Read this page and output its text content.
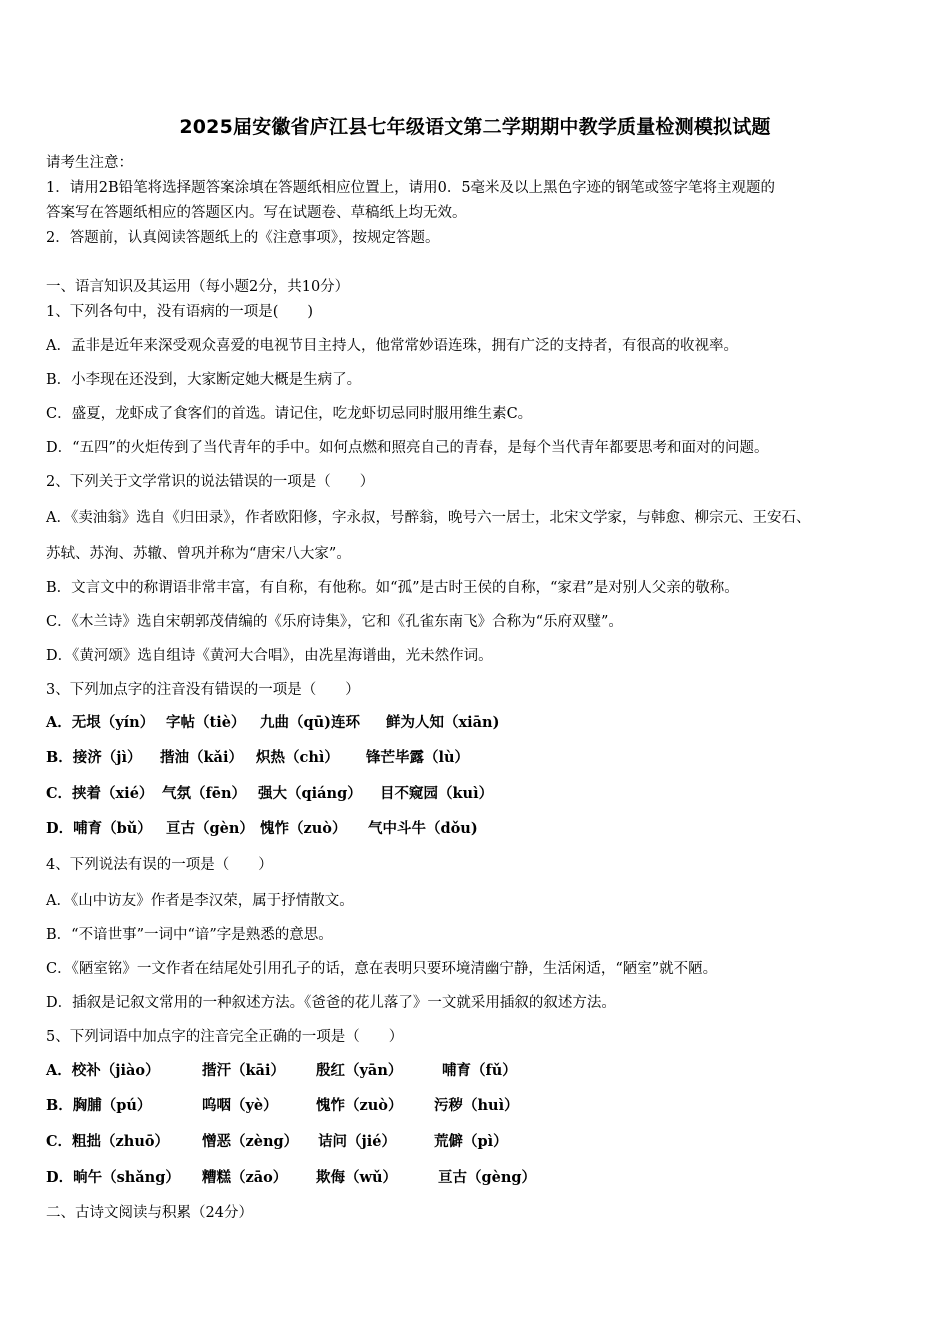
2025届安徽省庐江县七年级语文第二学期期中教学质量检测模拟试题
请考生注意：
1．请用2B铅笔将选择题答案涂填在答题纸相应位置上，请用0．5毫米及以上黑色字迹的钢笔或签字笔将主观题的
答案写在答题纸相应的答题区内。写在试题卷、草稿纸上均无效。
2．答题前，认真阅读答题纸上的《注意事项》，按规定答题。
一、语言知识及其运用（每小题2分，共10分）
1、下列各句中，没有语病的一项是(　　)
A．孟非是近年来深受观众喜爱的电视节目主持人，他常常妙语连珠，拥有广泛的支持者，有很高的收视率。
B．小李现在还没到，大家断定她大概是生病了。
C．盛夏，龙虾成了食客们的首选。请记住，吃龙虾切忌同时服用维生素C。
D．“五四”的火炬传到了当代青年的手中。如何点燃和照亮自己的青春，是每个当代青年都要思考和面对的问题。
2、下列关于文学常识的说法错误的一项是（　　）
A．《卖油翁》选自《归田录》，作者欧阳修，字永叔，号醉翁，晚号六一居士，北宋文学家，与韩愈、柳宗元、王安石、
苏轼、苏洵、苏辙、曾巩并称为“唐宋八大家”。
B．文言文中的称谓语非常丰富，有自称，有他称。如“孤”是古时王侯的自称，“家君”是对别人父亲的敬称。
C．《木兰诗》选自宋朝郭茂倩编的《乐府诗集》，它和《孔雀东南飞》合称为“乐府双璧”。
D．《黄河颂》选自组诗《黄河大合唱》，由冼星海谱曲，光未然作词。
3、下列加点字的注音没有错误的一项是（　　）
A．无垠（yín） 字帖（tiè） 九曲（qū)连环 鲜为人知（xiān)
B．接济（jì） 揩油（kǎi） 炽热（chì） 锋芒毕露（lù）
C．挟着（xié） 气氛（fēn） 强大（qiáng） 目不窥园（kuì）
D．哺育（bǔ） 亘古（gèn） 愧怍（zuò） 气中斗牛（dǒu)
4、下列说法有误的一项是（　　）
A．《山中访友》作者是李汉荣，属于抒情散文。
B．“不谙世事”一词中“谙”字是熟悉的意思。
C．《陋室铭》一文作者在结尾处引用孔子的话，意在表明只要环境清幽宁静，生活闲适，“陋室”就不陋。
D．插叙是记叙文常用的一种叙述方法。《爸爸的花儿落了》一文就采用插叙的叙述方法。
5、下列词语中加点字的注音完全正确的一项是（　　）
A．校补（jiào）	揩汗（kāi） 殷红（yān）	哺育（fǔ）
B．胸脯（pú）	呜咽（yè）	愧怍（zuò） 污秽（huì）
C．粗拙（zhuō） 憎恶（zèng） 诘问（jié）	荒僻（pì）
D．晌午（shǎng） 糟糕（zāo） 欺侮（wǔ）	亘古（gèng）
二、古诗文阅读与积累（24分）
